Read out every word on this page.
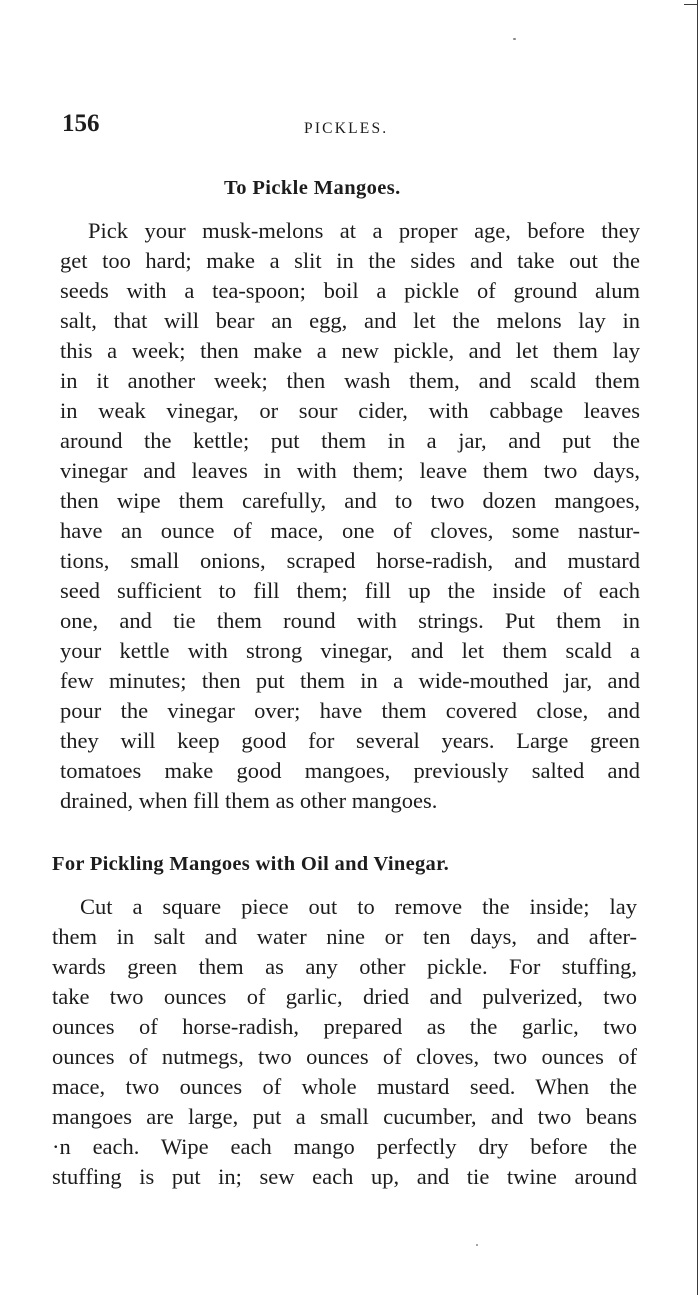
156	PICKLES.
To Pickle Mangoes.
Pick your musk-melons at a proper age, before they
get too hard; make a slit in the sides and take out the
seeds with a tea-spoon; boil a pickle of ground alum
salt, that will bear an egg, and let the melons lay in
this a week; then make a new pickle, and let them lay
in it another week; then wash them, and scald them
in weak vinegar, or sour cider, with cabbage leaves
around the kettle; put them in a jar, and put the
vinegar and leaves in with them; leave them two days,
then wipe them carefully, and to two dozen mangoes,
have an ounce of mace, one of cloves, some nastur-
tions, small onions, scraped horse-radish, and mustard
seed sufficient to fill them; fill up the inside of each
one, and tie them round with strings. Put them in
your kettle with strong vinegar, and let them scald a
few minutes; then put them in a wide-mouthed jar, and
pour the vinegar over; have them covered close, and
they will keep good for several years. Large green
tomatoes make good mangoes, previously salted and
drained, when fill them as other mangoes.
For Pickling Mangoes with Oil and Vinegar.
Cut a square piece out to remove the inside; lay
them in salt and water nine or ten days, and after-
wards green them as any other pickle. For stuffing,
take two ounces of garlic, dried and pulverized, two
ounces of horse-radish, prepared as the garlic, two
ounces of nutmegs, two ounces of cloves, two ounces of
mace, two ounces of whole mustard seed. When the
mangoes are large, put a small cucumber, and two beans
·n each. Wipe each mango perfectly dry before the
stuffing is put in; sew each up, and tie twine around
